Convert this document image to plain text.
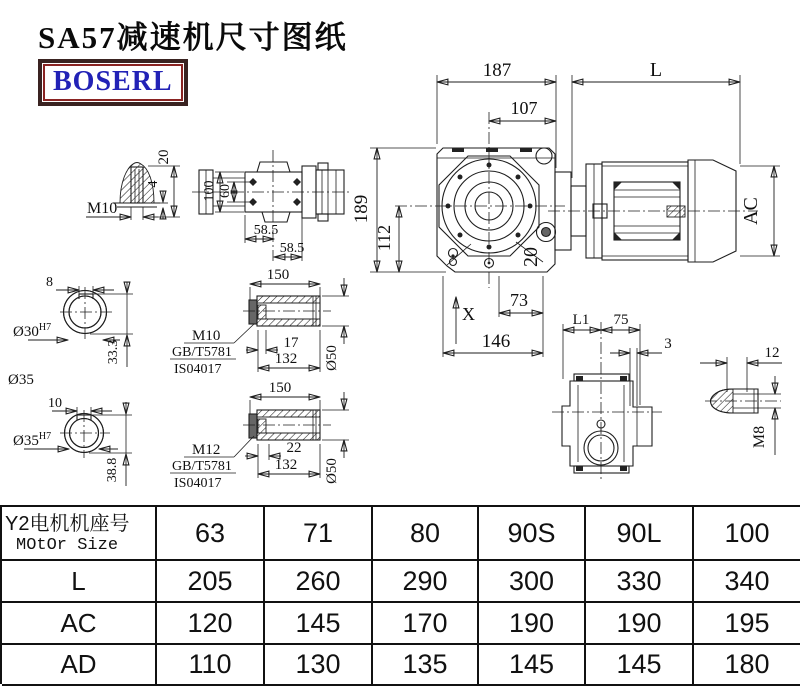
SA57减速机尺寸图纸
BOSERL
M10
4
20
100 60
58.5
58.5	20
187	L
107
189
112
73
146
X
AC
8
$Ø30^{H7}$
33.3
Ø35
10
$Ø35^{H7}$
38.8
150
17
132 Ø50
M10
GB/T5781
IS04017
150
22
132 Ø50
M12
GB/T5781
IS04017
L1 75
3
12
M8
Y2电机机座号
MOtOr Size	63	71	80	90S	90L	100
L	205	260	290	300	330	340
AC	120	145	170	190	190	195
AD	110	130	135	145	145	180
